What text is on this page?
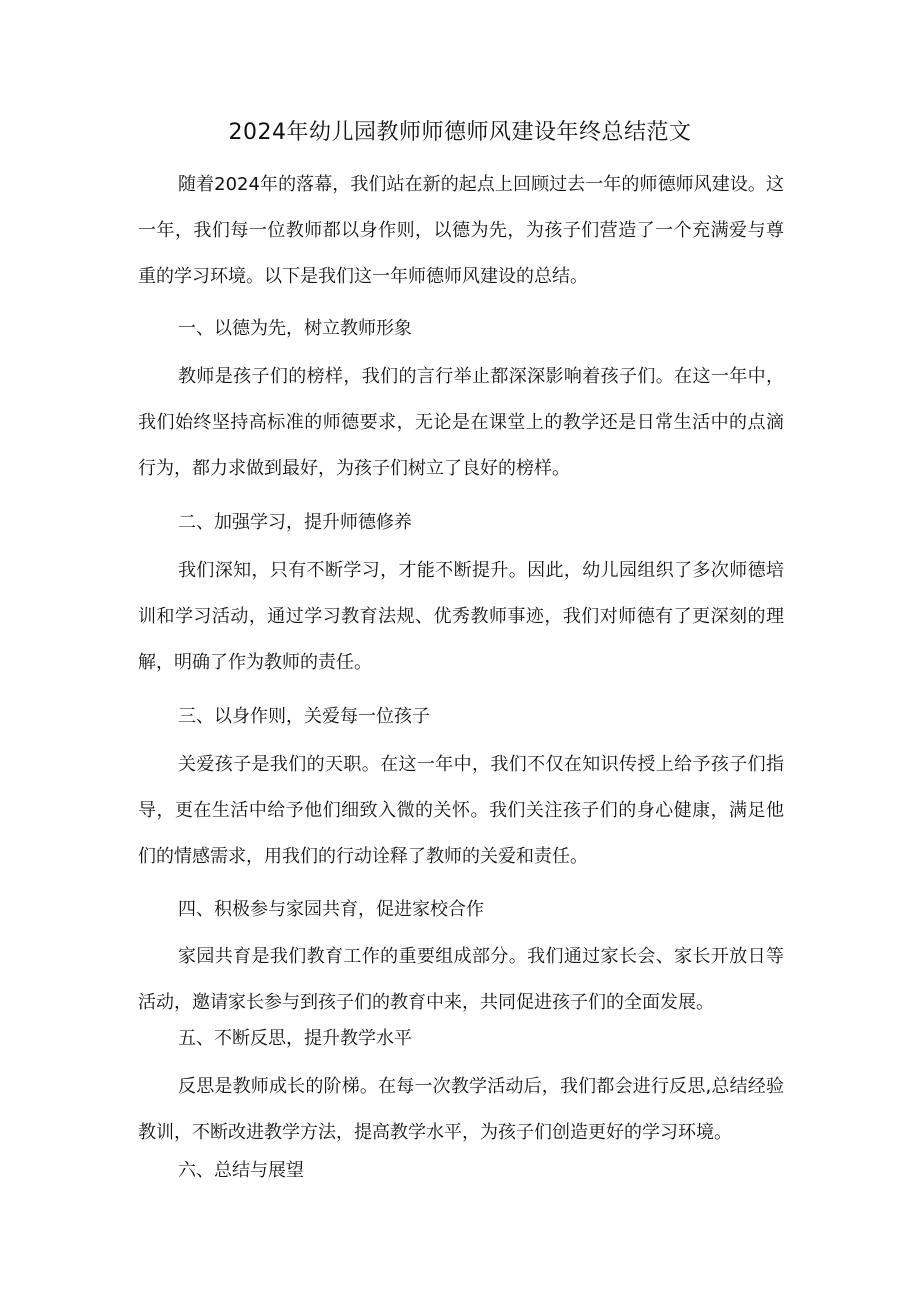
2024年幼儿园教师师德师风建设年终总结范文

随着2024年的落幕，我们站在新的起点上回顾过去一年的师德师风建设。这一年，我们每一位教师都以身作则，以德为先，为孩子们营造了一个充满爱与尊重的学习环境。以下是我们这一年师德师风建设的总结。

一、以德为先，树立教师形象

教师是孩子们的榜样，我们的言行举止都深深影响着孩子们。在这一年中，我们始终坚持高标准的师德要求，无论是在课堂上的教学还是日常生活中的点滴行为，都力求做到最好，为孩子们树立了良好的榜样。

二、加强学习，提升师德修养

我们深知，只有不断学习，才能不断提升。因此，幼儿园组织了多次师德培训和学习活动，通过学习教育法规、优秀教师事迹，我们对师德有了更深刻的理解，明确了作为教师的责任。

三、以身作则，关爱每一位孩子

关爱孩子是我们的天职。在这一年中，我们不仅在知识传授上给予孩子们指导，更在生活中给予他们细致入微的关怀。我们关注孩子们的身心健康，满足他们的情感需求，用我们的行动诠释了教师的关爱和责任。

四、积极参与家园共育，促进家校合作

家园共育是我们教育工作的重要组成部分。我们通过家长会、家长开放日等活动，邀请家长参与到孩子们的教育中来，共同促进孩子们的全面发展。

五、不断反思，提升教学水平

反思是教师成长的阶梯。在每一次教学活动后，我们都会进行反思,总结经验教训，不断改进教学方法，提高教学水平，为孩子们创造更好的学习环境。

六、总结与展望
